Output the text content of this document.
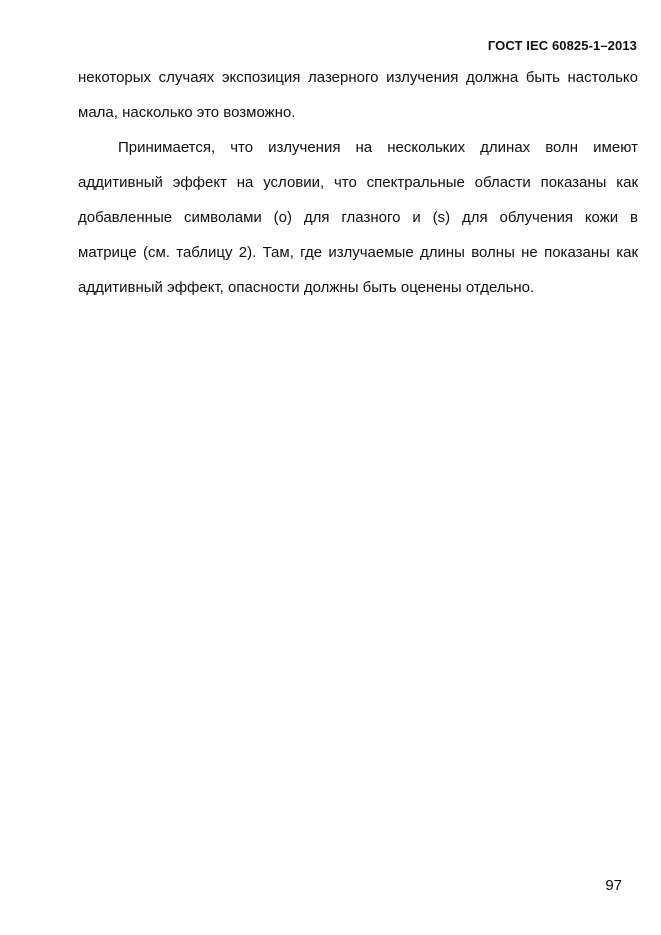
ГОСТ IEC 60825-1–2013
некоторых случаях экспозиция лазерного излучения должна быть настолько
мала, насколько это возможно.
Принимается, что излучения на нескольких длинах волн имеют
аддитивный эффект на условии, что спектральные области показаны как
добавленные символами (о) для глазного и (s) для облучения кожи в
матрице (см. таблицу 2). Там, где излучаемые длины волны не показаны как
аддитивный эффект, опасности должны быть оценены отдельно.
97
